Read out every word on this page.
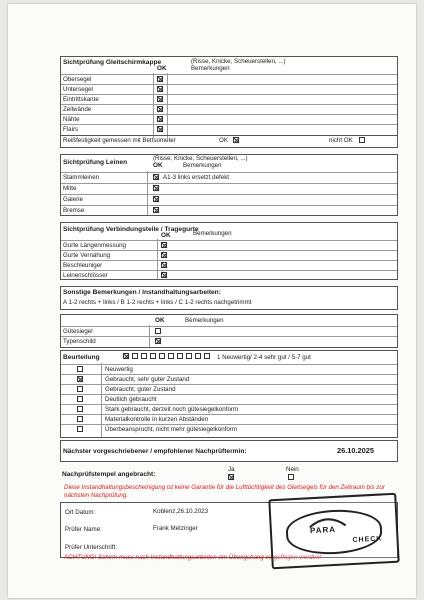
Sichtprüfung Gleitschirmkappe	(Risse, Knicke, Scheuerstellen, ...)
OK	Bemerkungen
Obersegel
Untersegel
Eintrittskante
Zellwände
Nähte
Flairs
Reißfestigkeit gemessen mit Bettsometer	OK	nicht OK
Sichtprüfung Leinen
(Risse, Knicke, Scheuerstellen, ...)
OK	Bemerkungen
Stammleinen	A1-3 links ersetzt defekt
Mitte
Galerie
Bremse
Sichtprüfung Verbindungsteile / Tragegurte
OK	Bemerkungen
Gurte Längenmessung
Gurte Vernähung
Beschleuniger
Leinenschlösser
Sonstige Bemerkungen / Instandhaltungsarbeiten:
A 1-2 rechts + links / B 1-2 rechts + links / C 1-2 rechts nachgetrimmt
OK	Bemerkungen
Gütesiegel
Typenschild
Beurteilung	1 Neuwertig/ 2-4 sehr gut / 5-7 gut
Neuwertig
Gebraucht, sehr guter Zustand
Gebraucht, guter Zustand
Deutlich gebraucht
Stark gebraucht, derzeit noch gütesiegelkonform
Materialkontrolle in kurzen Abständen
Überbeansprucht, nicht mehr gütesiegelkonform
Nächster vorgeschriebener / empfohlener Nachprüftermin:	26.10.2025
Nachprüfstempel angebracht:
Ja	Nein
Diese Instandhaltungsbescheinigung ist keine Garantie für die Lufttüchtigkeit des Gleitsegels für den Zeitraum bis zur nächsten Nachprüfung.
Ort Datum:	Koblenz,26.10.2023
Prüfer Name:	Frank Metzinger
Prüfer Unterschrift:
ACHTUNG! Schirm muss nach Instandhaltungsarbeiten am Übungshang eingeflogen werden!
PARA
CHECK
